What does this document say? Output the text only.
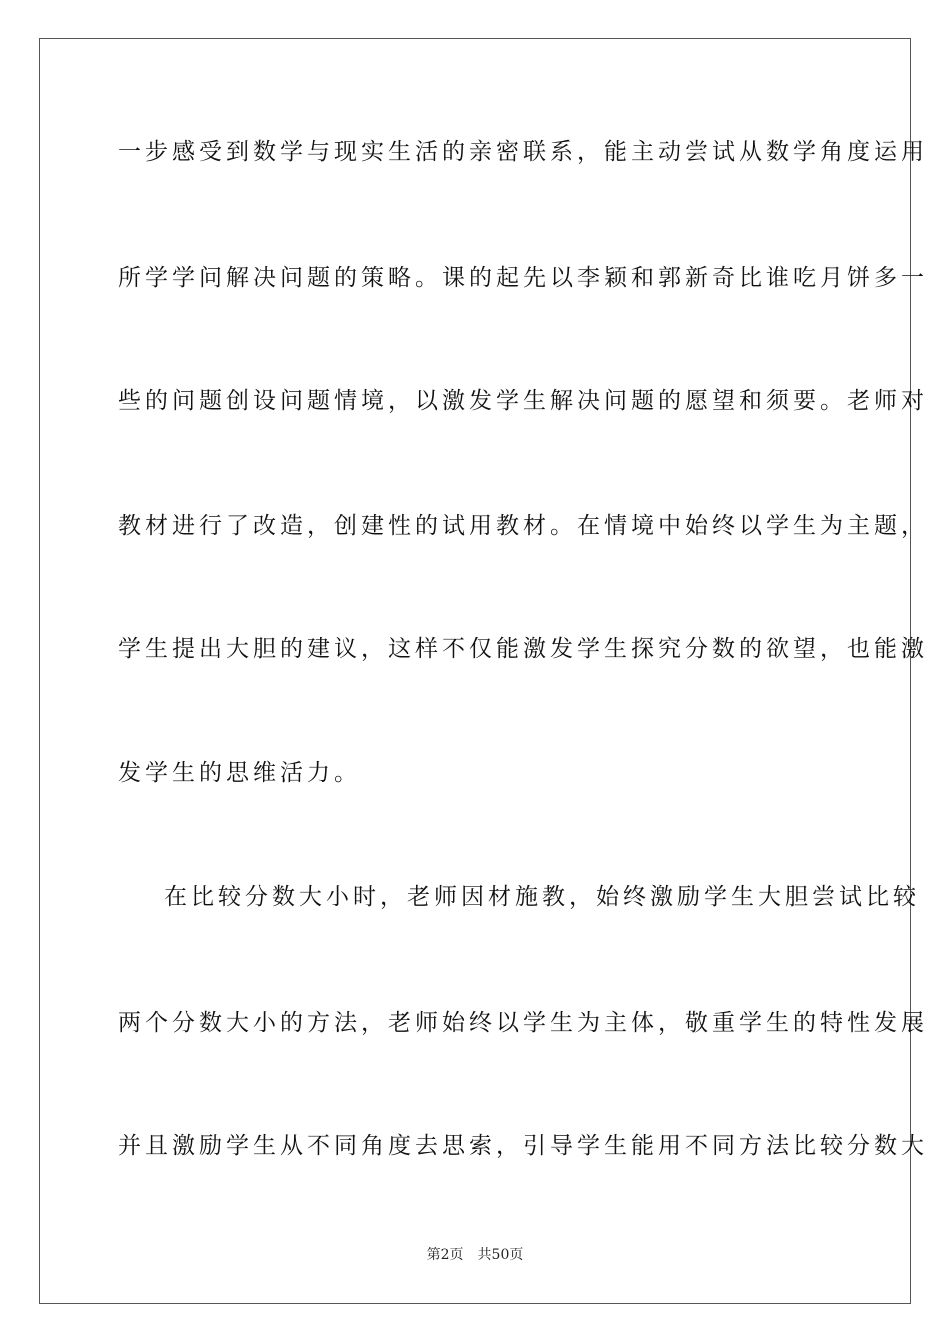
一步感受到数学与现实生活的亲密联系，能主动尝试从数学角度运用
所学学问解决问题的策略。课的起先以李颖和郭新奇比谁吃月饼多一
些的问题创设问题情境，以激发学生解决问题的愿望和须要。老师对
教材进行了改造，创建性的试用教材。在情境中始终以学生为主题，
学生提出大胆的建议，这样不仅能激发学生探究分数的欲望，也能激
发学生的思维活力。
在比较分数大小时，老师因材施教，始终激励学生大胆尝试比较
两个分数大小的方法，老师始终以学生为主体，敬重学生的特性发展
并且激励学生从不同角度去思索，引导学生能用不同方法比较分数大
第2页 共50页
